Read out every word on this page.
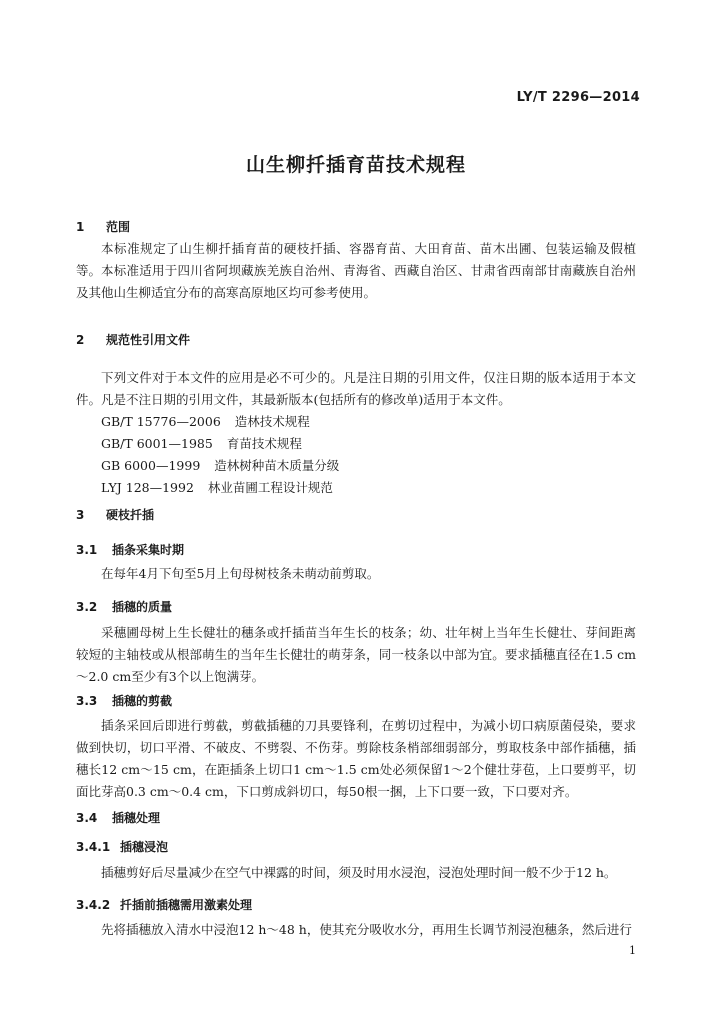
LY/T 2296—2014
山生柳扦插育苗技术规程
1 范围

本标准规定了山生柳扦插育苗的硬枝扦插、容器育苗、大田育苗、苗木出圃、包装运输及假植等。 本标准适用于四川省阿坝藏族羌族自治州、青海省、西藏自治区、甘肃省西南部甘南藏族自治州及其他山生柳适宜分布的高寒高原地区均可参考使用。

2 规范性引用文件

下列文件对于本文件的应用是必不可少的。凡是注日期的引用文件，仅注日期的版本适用于本文件。凡是不注日期的引用文件，其最新版本(包括所有的修改单)适用于本文件。

GB/T 15776—2006 造林技术规程
GB/T 6001—1985 育苗技术规程
GB 6000—1999 造林树种苗木质量分级
LYJ 128—1992 林业苗圃工程设计规范
3 硬枝扦插
3.1 插条采集时期

在每年4月下旬至5月上旬母树枝条未萌动前剪取。

3.2 插穗的质量

采穗圃母树上生长健壮的穗条或扦插苗当年生长的枝条；幼、壮年树上当年生长健壮、芽间距离较短的主轴枝或从根部萌生的当年生长健壮的萌芽条，同一枝条以中部为宜。要求插穗直径在1.5 cm～2.0 cm至少有3个以上饱满芽。

3.3 插穗的剪截

插条采回后即进行剪截，剪截插穗的刀具要锋利，在剪切过程中，为减小切口病原菌侵染，要求做到快切，切口平滑、不破皮、不劈裂、不伤芽。剪除枝条梢部细弱部分，剪取枝条中部作插穗，插穗长12 cm～15 cm，在距插条上切口1 cm～1.5 cm处必须保留1～2个健壮芽苞，上口要剪平，切面比芽高0.3 cm～0.4 cm，下口剪成斜切口，每50根一捆，上下口要一致，下口要对齐。

3.4 插穗处理
3.4.1 插穗浸泡

插穗剪好后尽量减少在空气中裸露的时间，须及时用水浸泡，浸泡处理时间一般不少于12 h。

3.4.2 扦插前插穗需用激素处理

先将插穗放入清水中浸泡12 h～48 h，使其充分吸收水分，再用生长调节剂浸泡穗条，然后进行

1
